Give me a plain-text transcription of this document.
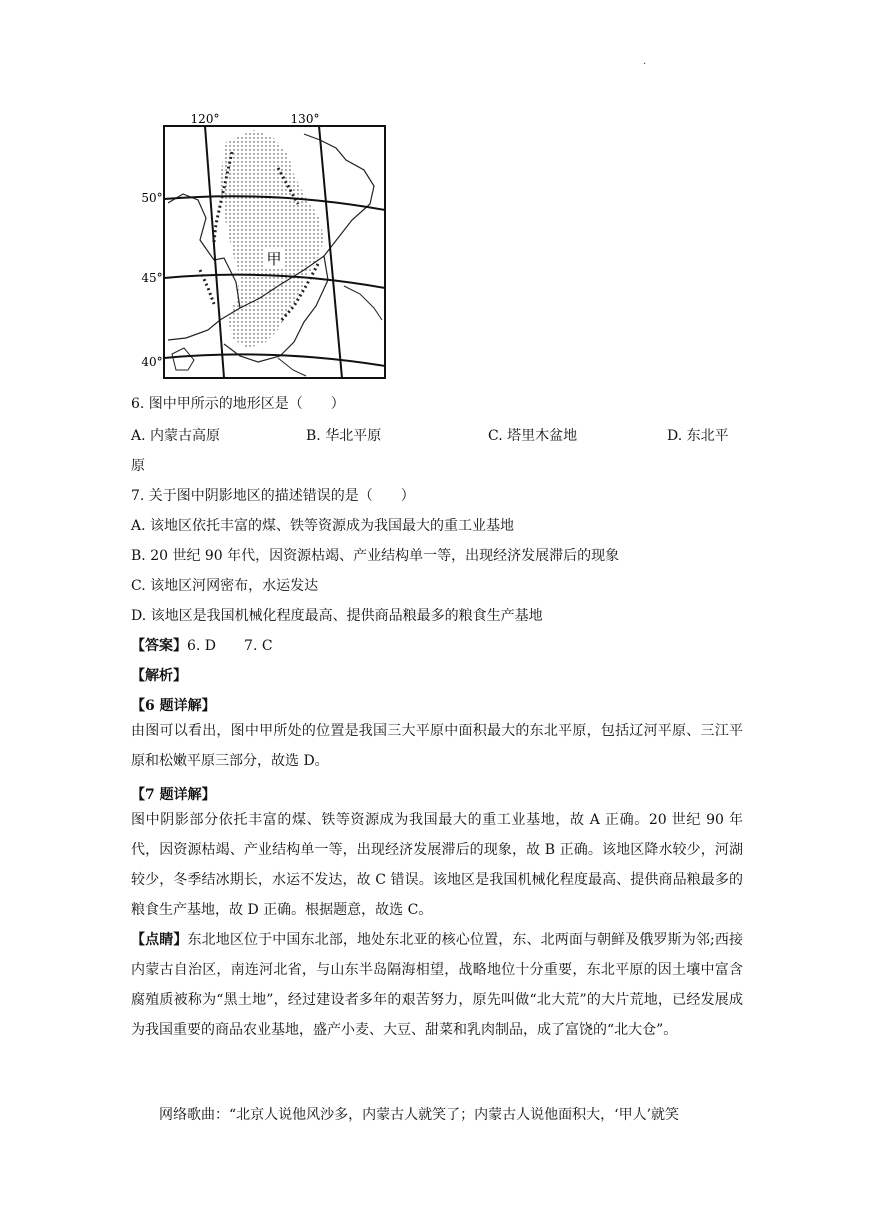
.
120°	130°
50°
45°
40°
甲
6. 图中甲所示的地形区是（　　）
A. 内蒙古高原	B. 华北平原	C. 塔里木盆地	D. 东北平
原
7. 关于图中阴影地区的描述错误的是（　　）
A. 该地区依托丰富的煤、铁等资源成为我国最大的重工业基地
B. 20 世纪 90 年代，因资源枯竭、产业结构单一等，出现经济发展滞后的现象
C. 该地区河网密布，水运发达
D. 该地区是我国机械化程度最高、提供商品粮最多的粮食生产基地
【答案】6. D　　7. C
【解析】
【6 题详解】
由图可以看出，图中甲所处的位置是我国三大平原中面积最大的东北平原，包括辽河平原、三江平原和松嫩平原三部分，故选 D。
【7 题详解】
图中阴影部分依托丰富的煤、铁等资源成为我国最大的重工业基地，故 A 正确。20 世纪 90 年代，因资源枯竭、产业结构单一等，出现经济发展滞后的现象，故 B 正确。该地区降水较少，河湖较少，冬季结冰期长，水运不发达，故 C 错误。该地区是我国机械化程度最高、提供商品粮最多的粮食生产基地，故 D 正确。根据题意，故选 C。
【点睛】东北地区位于中国东北部，地处东北亚的核心位置，东、北两面与朝鲜及俄罗斯为邻;西接内蒙古自治区，南连河北省，与山东半岛隔海相望，战略地位十分重要，东北平原的因土壤中富含腐殖质被称为“黑土地”，经过建设者多年的艰苦努力，原先叫做“北大荒”的大片荒地，已经发展成为我国重要的商品农业基地，盛产小麦、大豆、甜菜和乳肉制品，成了富饶的“北大仓”。
网络歌曲：“北京人说他风沙多，内蒙古人就笑了；内蒙古人说他面积大，‘甲人’就笑
